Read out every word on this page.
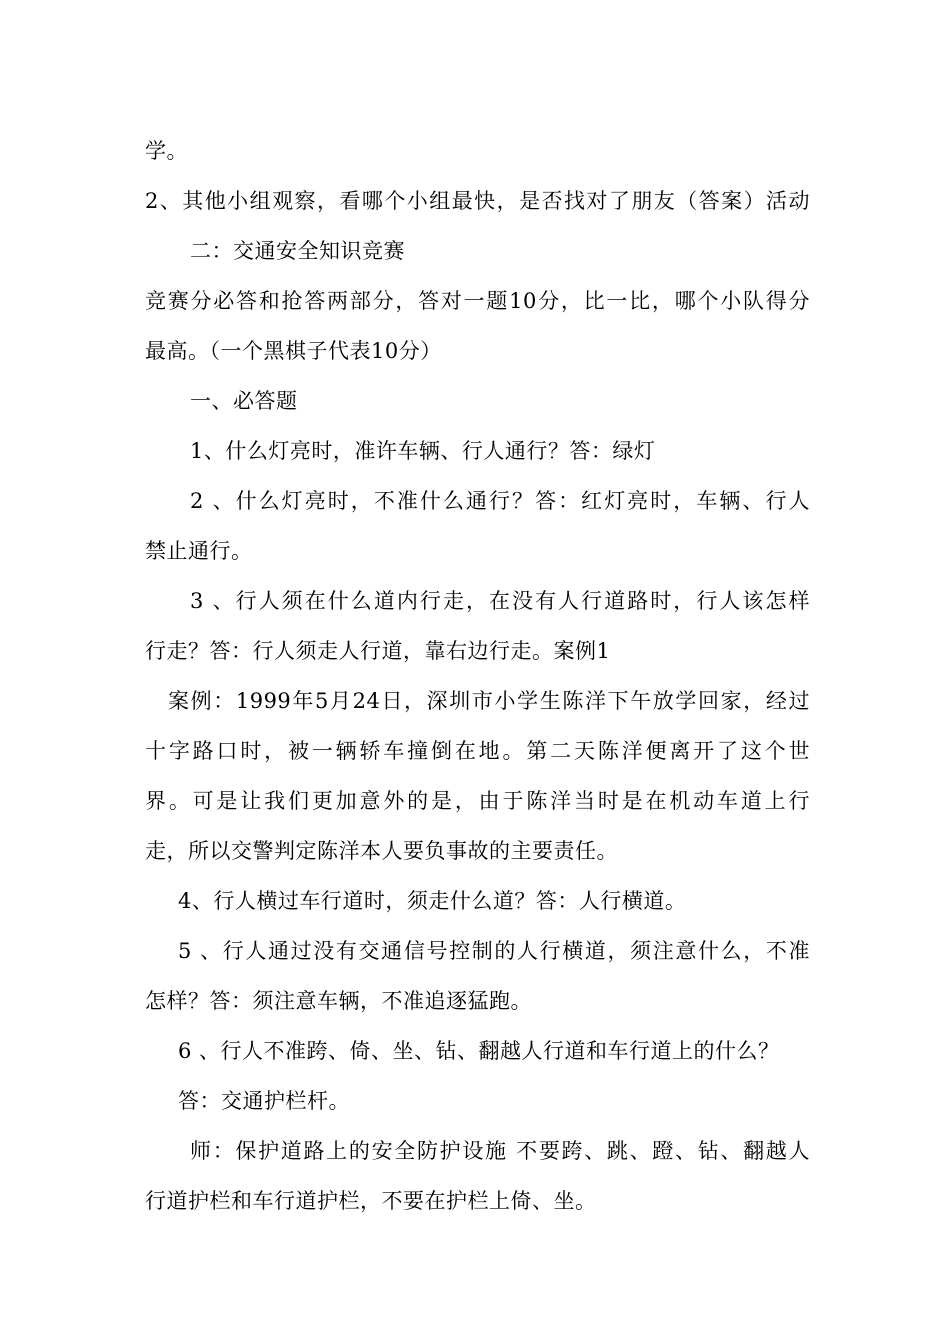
学。
2、其他小组观察，看哪个小组最快，是否找对了朋友（答案）活动
二：交通安全知识竞赛
竞赛分必答和抢答两部分，答对一题10分，比一比，哪个小队得分
最高。（一个黑棋子代表10分）
一、必答题
1、什么灯亮时，准许车辆、行人通行？答：绿灯
2 、什么灯亮时，不准什么通行？答：红灯亮时，车辆、行人
禁止通行。
3 、行人须在什么道内行走，在没有人行道路时，行人该怎样
行走？答：行人须走人行道，靠右边行走。案例1
案例：1999年5月24日，深圳市小学生陈洋下午放学回家，经过
十字路口时，被一辆轿车撞倒在地。第二天陈洋便离开了这个世
界。可是让我们更加意外的是，由于陈洋当时是在机动车道上行
走，所以交警判定陈洋本人要负事故的主要责任。
4、行人横过车行道时，须走什么道？答：人行横道。
5 、行人通过没有交通信号控制的人行横道，须注意什么，不准
怎样？答：须注意车辆，不准追逐猛跑。
6 、行人不准跨、倚、坐、钻、翻越人行道和车行道上的什么？
答：交通护栏杆。
师：保护道路上的安全防护设施 不要跨、跳、蹬、钻、翻越人
行道护栏和车行道护栏，不要在护栏上倚、坐。
